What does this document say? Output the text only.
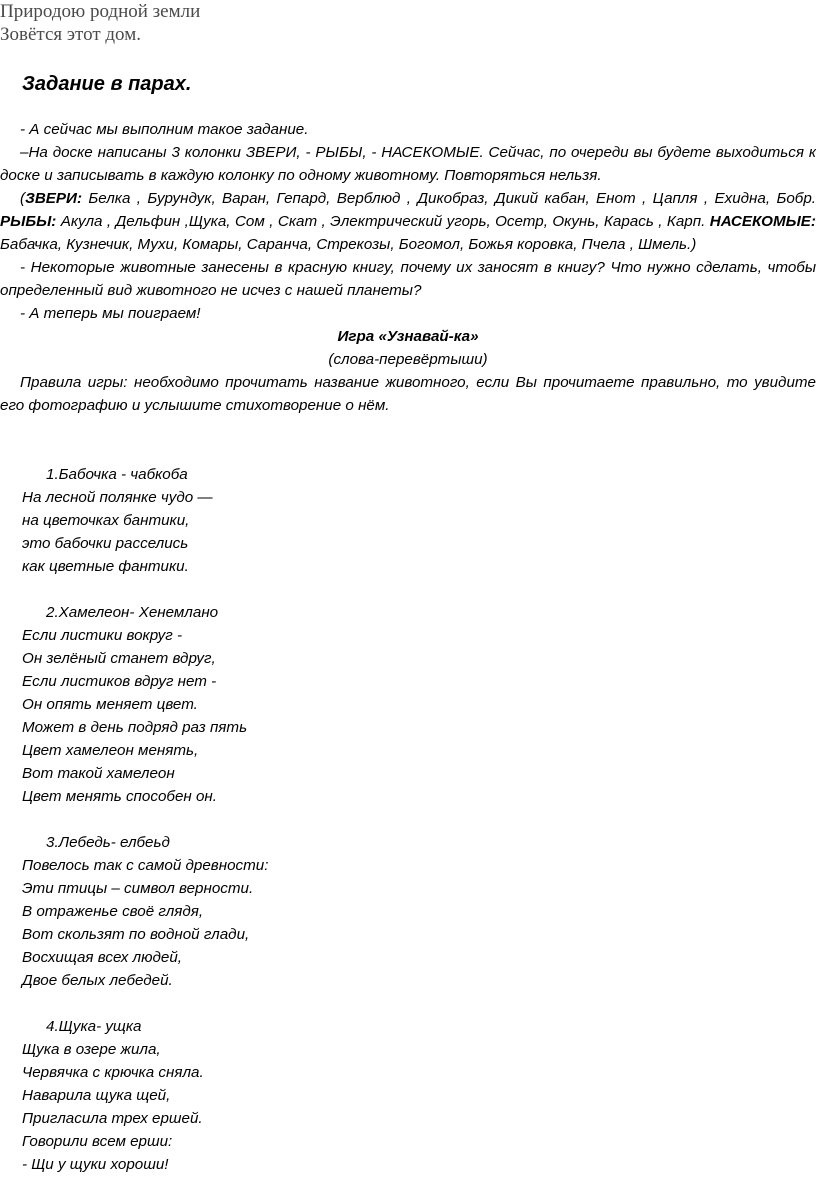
Природою родной земли
Зовётся этот дом.
Задание в парах.
- А сейчас мы выполним такое задание.
–На доске написаны 3 колонки ЗВЕРИ, - РЫБЫ, - НАСЕКОМЫЕ. Сейчас, по очереди вы будете выходиться к доске и записывать в каждую колонку по одному животному. Повторяться нельзя.
(ЗВЕРИ: Белка , Бурундук, Варан, Гепард, Верблюд , Дикобраз, Дикий кабан, Енот , Цапля , Ехидна, Бобр. РЫБЫ: Акула , Дельфин ,Щука, Сом , Скат , Электрический угорь, Осетр, Окунь, Карась , Карп. НАСЕКОМЫЕ: Бабачка, Кузнечик, Мухи, Комары, Саранча, Стрекозы, Богомол, Божья коровка, Пчела , Шмель.)
- Некоторые животные занесены в красную книгу, почему их заносят в книгу? Что нужно сделать, чтобы определенный вид животного не исчез с нашей планеты?
- А теперь мы поиграем!
Игра «Узнавай-ка»
(слова-перевёртыши)
Правила игры: необходимо прочитать название животного, если Вы прочитаете правильно, то увидите его фотографию и услышите стихотворение о нём.
1.Бабочка - чабкоба
На лесной полянке чудо —
на цветочках бантики,
это бабочки расселись
как цветные фантики.
2.Хамелеон- Хенемлано
Если листики вокруг -
Он зелёный станет вдруг,
Если листиков вдруг нет -
Он опять меняет цвет.
Может в день подряд раз пять
Цвет хамелеон менять,
Вот такой хамелеон
Цвет менять способен он.
3.Лебедь- елбеьд
Повелось так с самой древности:
Эти птицы – символ верности.
В отраженье своё глядя,
Вот скользят по водной глади,
Восхищая всех людей,
Двое белых лебедей.
4.Щука- ущка
Щука в озере жила,
Червячка с крючка сняла.
Наварила щука щей,
Пригласила трех ершей.
Говорили всем ерши:
- Щи у щуки хороши!
